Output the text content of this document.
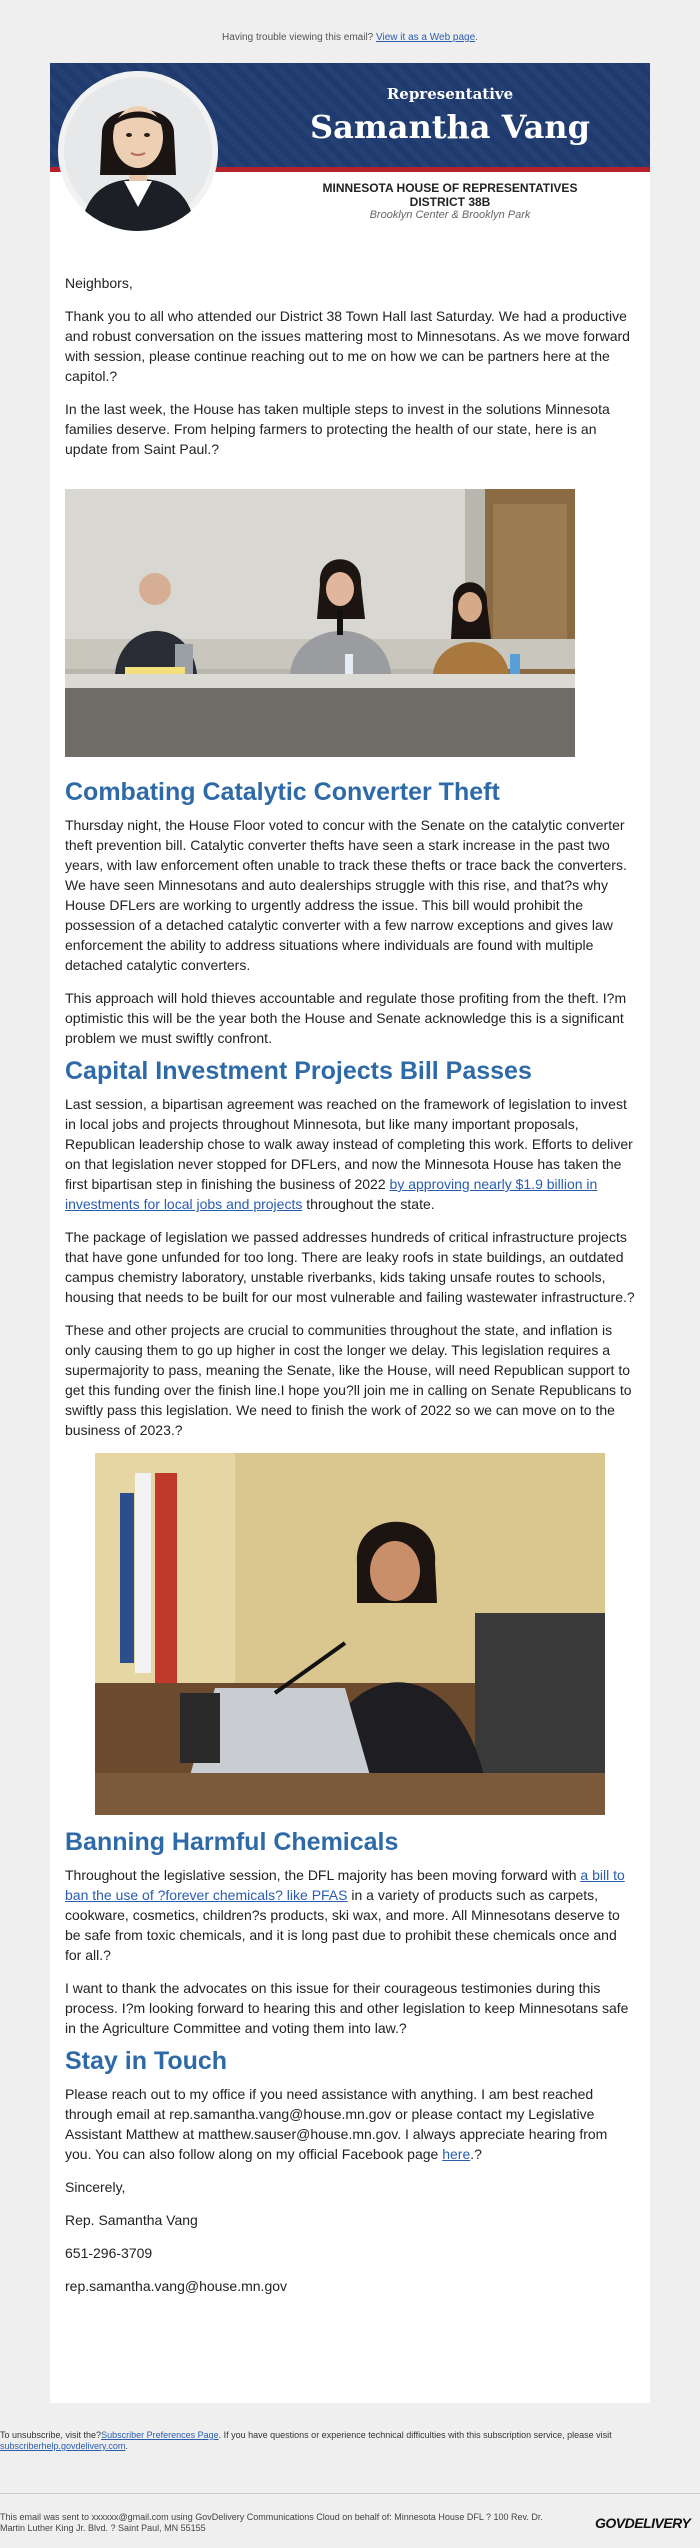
Having trouble viewing this email? View it as a Web page.
Representative
Samantha Vang
MINNESOTA HOUSE OF REPRESENTATIVES
DISTRICT 38B
Brooklyn Center & Brooklyn Park

Neighbors,

Thank you to all who attended our District 38 Town Hall last Saturday. We had a productive and robust conversation on the issues mattering most to Minnesotans. As we move forward with session, please continue reaching out to me on how we can be partners here at the capitol.?

In the last week, the House has taken multiple steps to invest in the solutions Minnesota families deserve. From helping farmers to protecting the health of our state, here is an update from Saint Paul.?

Combating Catalytic Converter Theft

Thursday night, the House Floor voted to concur with the Senate on the catalytic converter theft prevention bill. Catalytic converter thefts have seen a stark increase in the past two years, with law enforcement often unable to track these thefts or trace back the converters. We have seen Minnesotans and auto dealerships struggle with this rise, and that?s why House DFLers are working to urgently address the issue. This bill would prohibit the possession of a detached catalytic converter with a few narrow exceptions and gives law enforcement the ability to address situations where individuals are found with multiple detached catalytic converters.

This approach will hold thieves accountable and regulate those profiting from the theft. I?m optimistic this will be the year both the House and Senate acknowledge this is a significant problem we must swiftly confront.

Capital Investment Projects Bill Passes

Last session, a bipartisan agreement was reached on the framework of legislation to invest in local jobs and projects throughout Minnesota, but like many important proposals, Republican leadership chose to walk away instead of completing this work. Efforts to deliver on that legislation never stopped for DFLers, and now the Minnesota House has taken the first bipartisan step in finishing the business of 2022 by approving nearly $1.9 billion in investments for local jobs and projects throughout the state.

The package of legislation we passed addresses hundreds of critical infrastructure projects that have gone unfunded for too long. There are leaky roofs in state buildings, an outdated campus chemistry laboratory, unstable riverbanks, kids taking unsafe routes to schools, housing that needs to be built for our most vulnerable and failing wastewater infrastructure.?

These and other projects are crucial to communities throughout the state, and inflation is only causing them to go up higher in cost the longer we delay. This legislation requires a supermajority to pass, meaning the Senate, like the House, will need Republican support to get this funding over the finish line.I hope you?ll join me in calling on Senate Republicans to swiftly pass this legislation. We need to finish the work of 2022 so we can move on to the business of 2023.?

Banning Harmful Chemicals

Throughout the legislative session, the DFL majority has been moving forward with a bill to ban the use of ?forever chemicals? like PFAS in a variety of products such as carpets, cookware, cosmetics, children?s products, ski wax, and more. All Minnesotans deserve to be safe from toxic chemicals, and it is long past due to prohibit these chemicals once and for all.?

I want to thank the advocates on this issue for their courageous testimonies during this process. I?m looking forward to hearing this and other legislation to keep Minnesotans safe in the Agriculture Committee and voting them into law.?

Stay in Touch

Please reach out to my office if you need assistance with anything. I am best reached through email at rep.samantha.vang@house.mn.gov or please contact my Legislative Assistant Matthew at matthew.sauser@house.mn.gov. I always appreciate hearing from you. You can also follow along on my official Facebook page here.?

Sincerely,

Rep. Samantha Vang

651-296-3709

rep.samantha.vang@house.mn.gov

To unsubscribe, visit the?Subscriber Preferences Page. If you have questions or experience technical difficulties with this subscription service, please visit subscriberhelp.govdelivery.com.
This email was sent to xxxxxx@gmail.com using GovDelivery Communications Cloud on behalf of: Minnesota House DFL ? 100 Rev. Dr. Martin Luther King Jr. Blvd. ? Saint Paul, MN 55155	GOVDELIVERY
